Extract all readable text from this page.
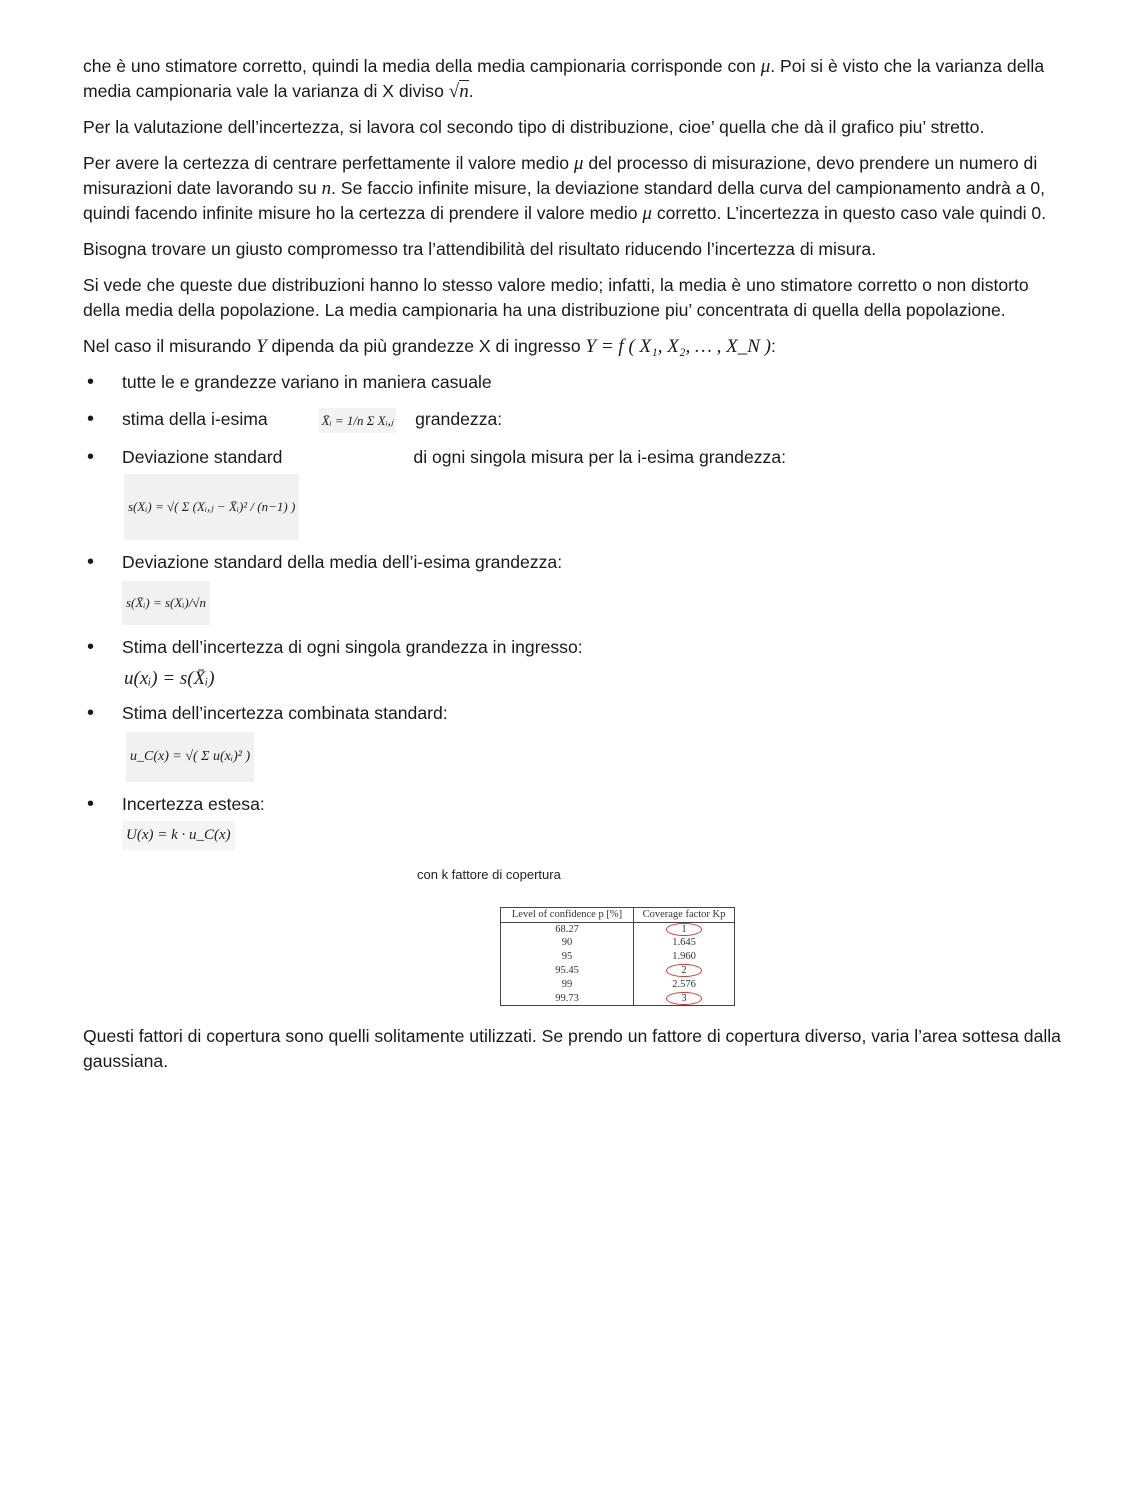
che è uno stimatore corretto, quindi la media della media campionaria corrisponde con μ. Poi si è visto che la varianza della media campionaria vale la varianza di X diviso √n.

Per la valutazione dell’incertezza, si lavora col secondo tipo di distribuzione, cioe’ quella che dà il grafico piu’ stretto.

Per avere la certezza di centrare perfettamente il valore medio μ del processo di misurazione, devo prendere un numero di misurazioni date lavorando su n. Se faccio infinite misure, la deviazione standard della curva del campionamento andrà a 0, quindi facendo infinite misure ho la certezza di prendere il valore medio μ corretto. L’incertezza in questo caso vale quindi 0.

Bisogna trovare un giusto compromesso tra l’attendibilità del risultato riducendo l’incertezza di misura.

Si vede che queste due distribuzioni hanno lo stesso valore medio; infatti, la media è uno stimatore corretto o non distorto della media della popolazione. La media campionaria ha una distribuzione piu’ concentrata di quella della popolazione.

Nel caso il misurando Y dipenda da più grandezze X di ingresso Y = f ( X₁, X₂, … , X_N ):

• tutte le e grandezze variano in maniera casuale
• stima della i-esima	X̄ᵢ = 1/n Σ Xᵢ,ⱼ grandezza:
• Deviazione standard	di ogni singola misura per la i-esima grandezza:
s(Xᵢ) = √( Σ (Xᵢ,ⱼ − X̄ᵢ)² / (n−1) )
• Deviazione standard della media dell’i-esima grandezza:
s(X̄ᵢ) = s(Xᵢ)/√n
• Stima dell’incertezza di ogni singola grandezza in ingresso:
u(xᵢ) = s(X̄ᵢ)
• Stima dell’incertezza combinata standard:
u_C(x) = √( Σ u(xᵢ)² )
• Incertezza estesa:
U(x) = k · u_C(x)
con k fattore di copertura
Level of confidence p [%]	Coverage factor Kp
68.27	1
90	1.645
95	1.960
95.45	2
99	2.576
99.73	3

Questi fattori di copertura sono quelli solitamente utilizzati. Se prendo un fattore di copertura diverso, varia l’area sottesa dalla gaussiana.
